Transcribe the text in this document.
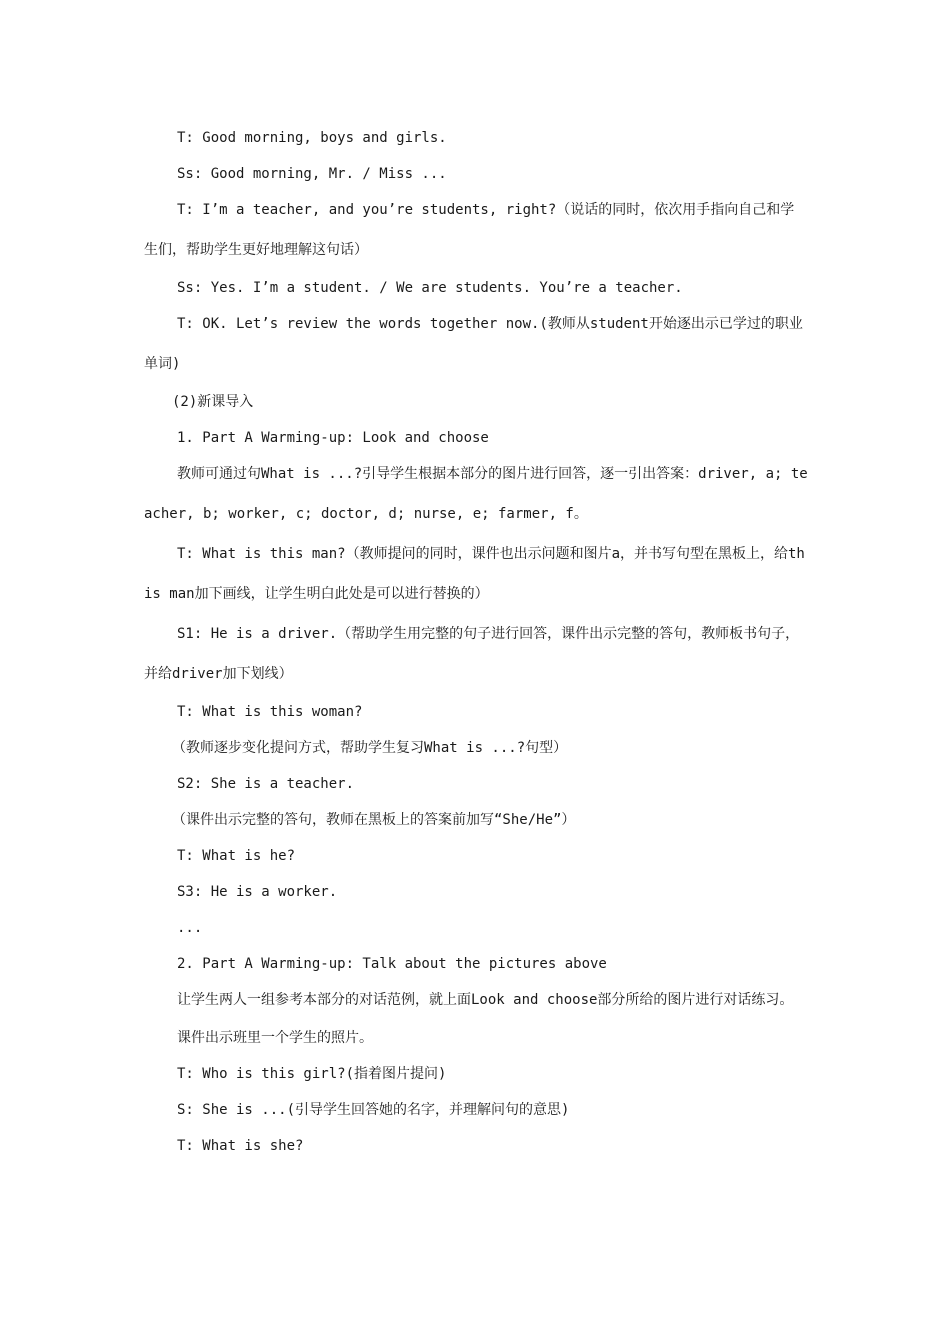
T: Good morning, boys and girls.

Ss: Good morning, Mr. / Miss ...

T: I’m a teacher, and you’re students, right?（说话的同时，依次用手指向自己和学生们，帮助学生更好地理解这句话）

Ss: Yes. I’m a student. / We are students. You’re a teacher.

T: OK. Let’s review the words together now.(教师从student开始逐出示已学过的职业单词)

(2)新课导入

1. Part A Warming-up: Look and choose

教师可通过句What is ...?引导学生根据本部分的图片进行回答，逐一引出答案：driver, a; teacher, b; worker, c; doctor, d; nurse, e; farmer, f。

T: What is this man?（教师提问的同时，课件也出示问题和图片a，并书写句型在黑板上，给this man加下画线，让学生明白此处是可以进行替换的）

S1: He is a driver.（帮助学生用完整的句子进行回答，课件出示完整的答句，教师板书句子，并给driver加下划线）

T: What is this woman?

（教师逐步变化提问方式，帮助学生复习What is ...?句型）

S2: She is a teacher.

（课件出示完整的答句，教师在黑板上的答案前加写“She/He”）

T: What is he?

S3: He is a worker.

...

2. Part A Warming-up: Talk about the pictures above

让学生两人一组参考本部分的对话范例，就上面Look and choose部分所给的图片进行对话练习。

课件出示班里一个学生的照片。

T: Who is this girl?(指着图片提问)

S: She is ...(引导学生回答她的名字，并理解问句的意思)

T: What is she?
